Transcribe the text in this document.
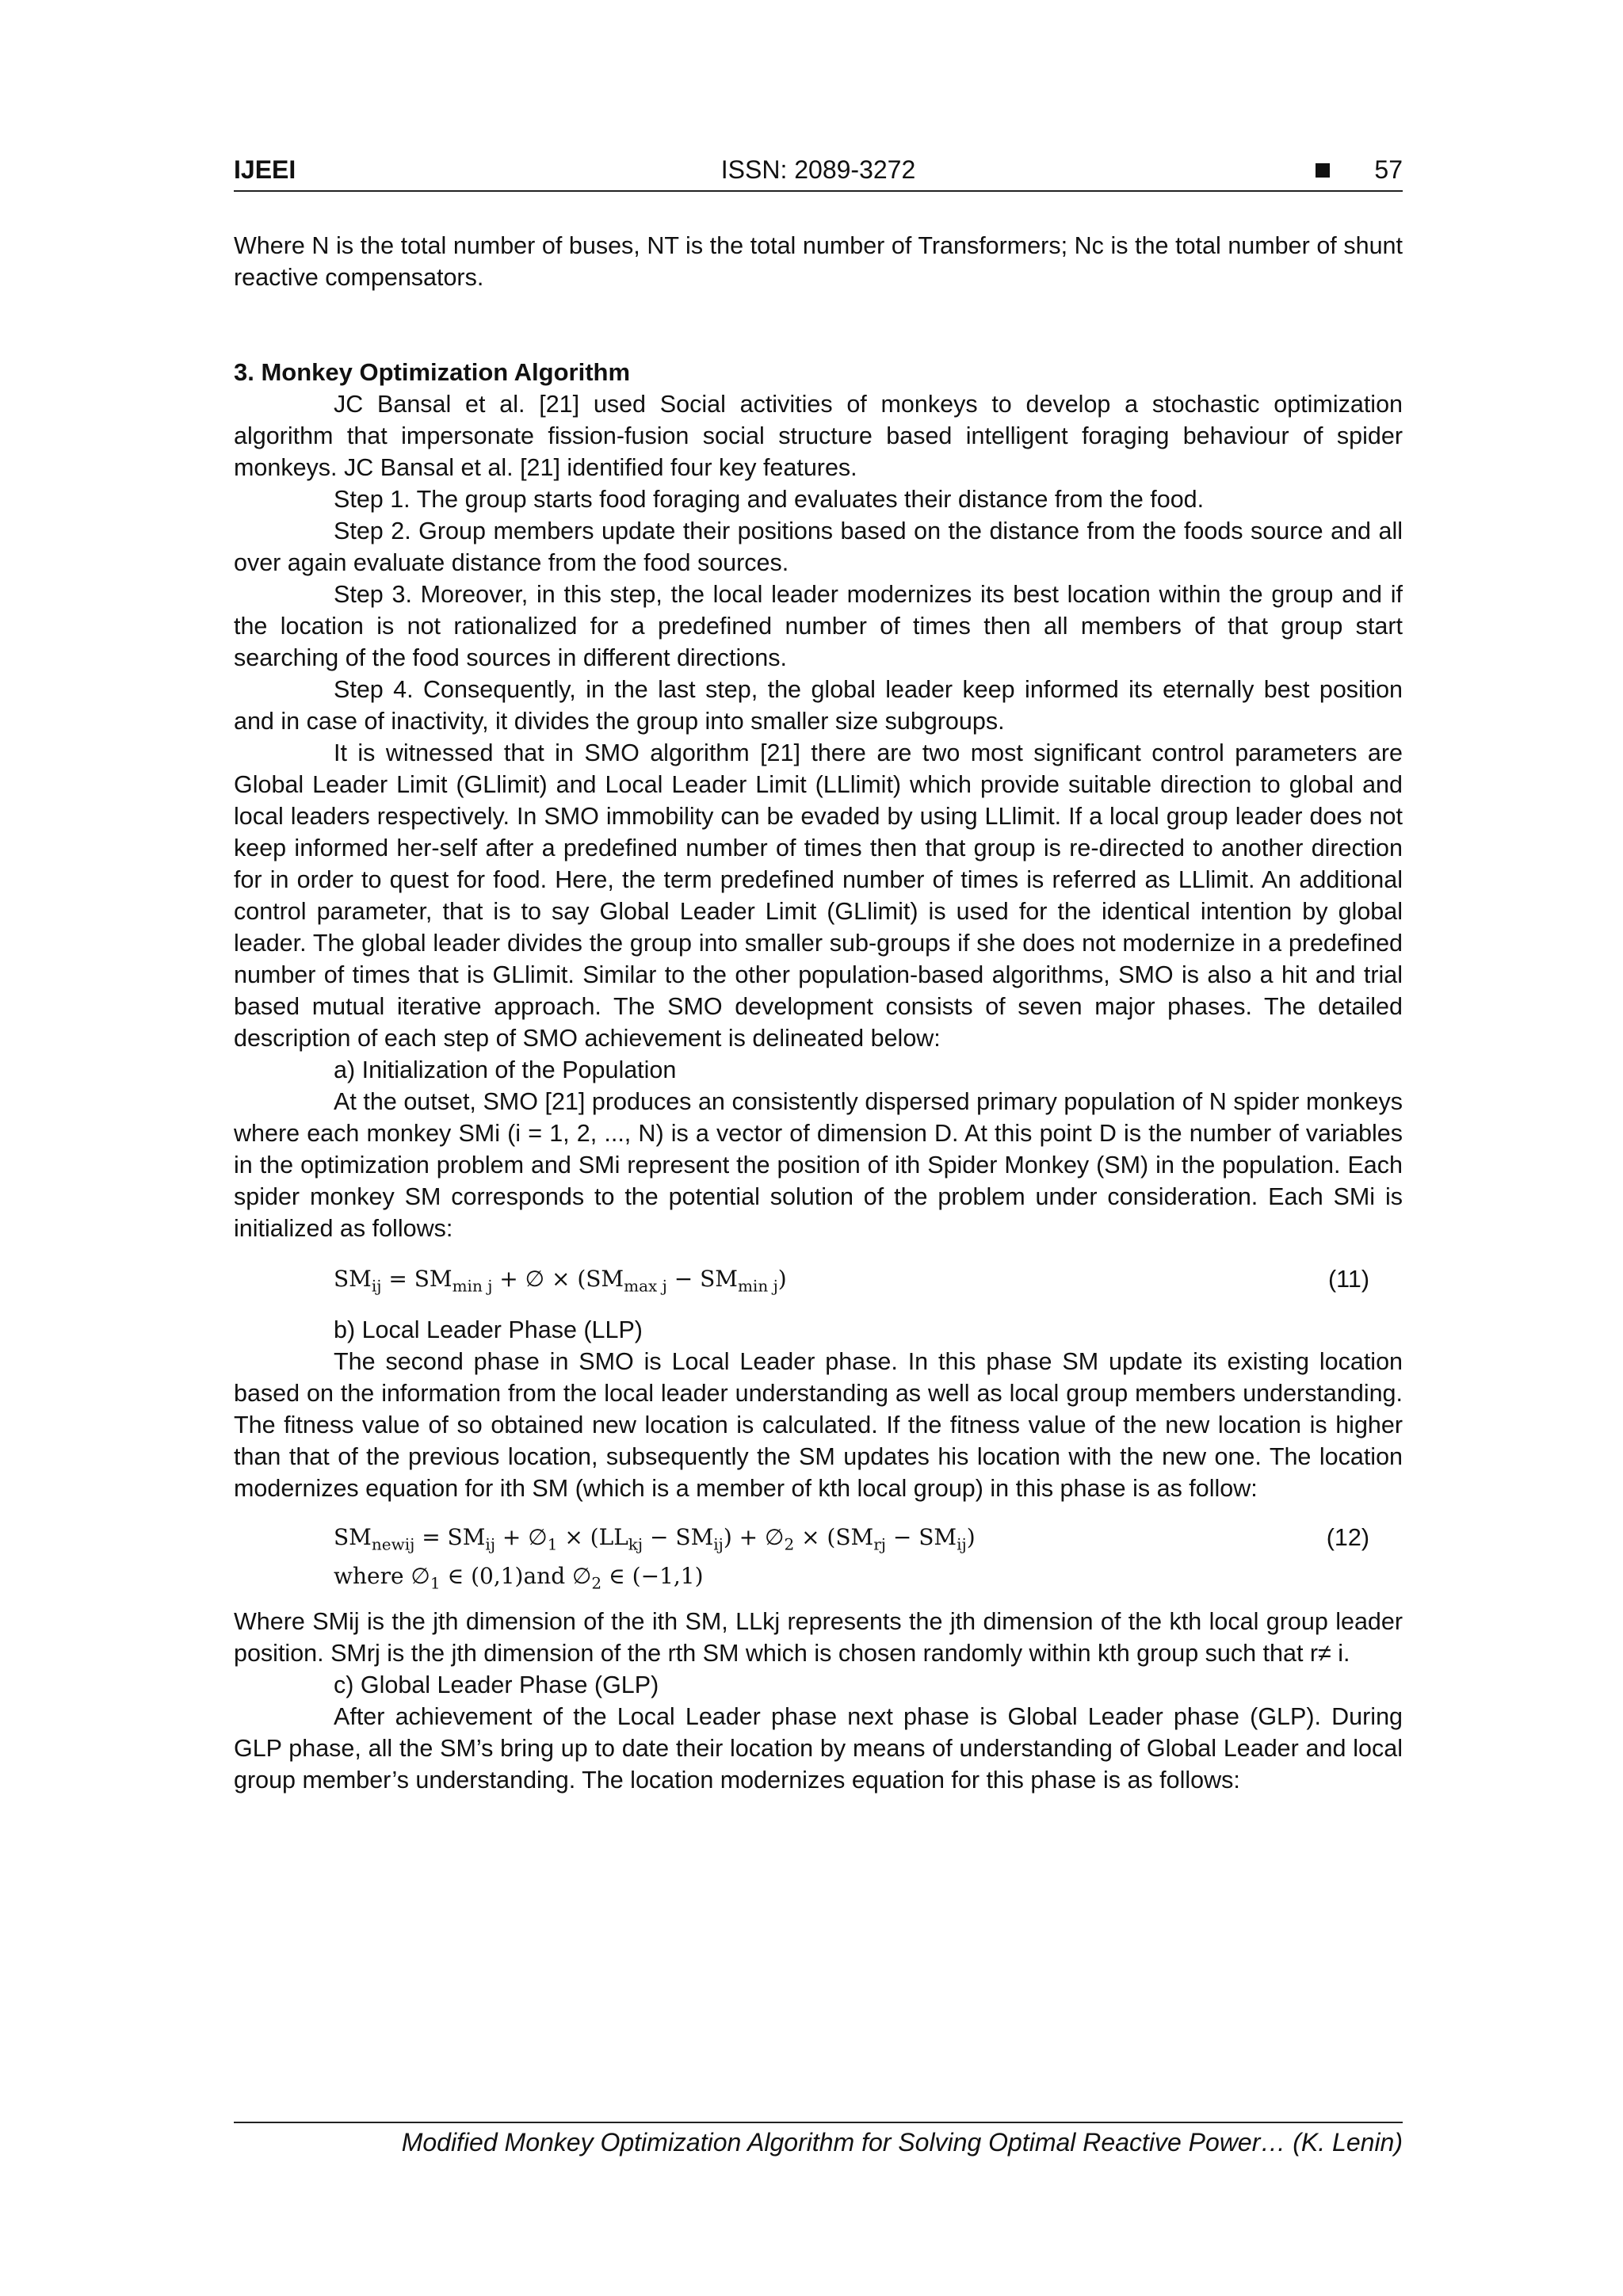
IJEEI	ISSN: 2089-3272	57

Where N is the total number of buses, NT is the total number of Transformers; Nc is the total number of shunt reactive compensators.

3. Monkey Optimization Algorithm

JC Bansal et al. [21] used Social activities of monkeys to develop a stochastic optimization algorithm that impersonate fission-fusion social structure based intelligent foraging behaviour of spider monkeys. JC Bansal et al. [21] identified four key features.

Step 1. The group starts food foraging and evaluates their distance from the food.

Step 2. Group members update their positions based on the distance from the foods source and all over again evaluate distance from the food sources.

Step 3. Moreover, in this step, the local leader modernizes its best location within the group and if the location is not rationalized for a predefined number of times then all members of that group start searching of the food sources in different directions.

Step 4. Consequently, in the last step, the global leader keep informed its eternally best position and in case of inactivity, it divides the group into smaller size subgroups.

It is witnessed that in SMO algorithm [21] there are two most significant control parameters are Global Leader Limit (GLlimit) and Local Leader Limit (LLlimit) which provide suitable direction to global and local leaders respectively. In SMO immobility can be evaded by using LLlimit. If a local group leader does not keep informed her-self after a predefined number of times then that group is re-directed to another direction for in order to quest for food. Here, the term predefined number of times is referred as LLlimit. An additional control parameter, that is to say Global Leader Limit (GLlimit) is used for the identical intention by global leader. The global leader divides the group into smaller sub-groups if she does not modernize in a predefined number of times that is GLlimit. Similar to the other population-based algorithms, SMO is also a hit and trial based mutual iterative approach. The SMO development consists of seven major phases. The detailed description of each step of SMO achievement is delineated below:

a) Initialization of the Population

At the outset, SMO [21] produces an consistently dispersed primary population of N spider monkeys where each monkey SMi (i = 1, 2, ..., N) is a vector of dimension D. At this point D is the number of variables in the optimization problem and SMi represent the position of ith Spider Monkey (SM) in the population. Each spider monkey SM corresponds to the potential solution of the problem under consideration. Each SMi is initialized as follows:

$SM_{ij} = SM_{min j}$ + ∅ × $(SM_{max j} - SM_{min j})$	(11)

b) Local Leader Phase (LLP)

The second phase in SMO is Local Leader phase. In this phase SM update its existing location based on the information from the local leader understanding as well as local group members understanding. The fitness value of so obtained new location is calculated. If the fitness value of the new location is higher than that of the previous location, subsequently the SM updates his location with the new one. The location modernizes equation for ith SM (which is a member of kth local group) in this phase is as follow:

$SM_{newij} = SM_{ij}$ + $\emptyset_1 \times (LL_{kj} - SM_{ij})$ + $\emptyset_2 \times (SM_{rj} - SM_{ij})$
where $\emptyset_1$ ∈ (0,1)and $\emptyset_2$ ∈ (−1,1)
(12)

Where SMij is the jth dimension of the ith SM, LLkj represents the jth dimension of the kth local group leader position. SMrj is the jth dimension of the rth SM which is chosen randomly within kth group such that r≠ i.

c) Global Leader Phase (GLP)

After achievement of the Local Leader phase next phase is Global Leader phase (GLP). During GLP phase, all the SM’s bring up to date their location by means of understanding of Global Leader and local group member’s understanding. The location modernizes equation for this phase is as follows:

Modified Monkey Optimization Algorithm for Solving Optimal Reactive Power… (K. Lenin)
